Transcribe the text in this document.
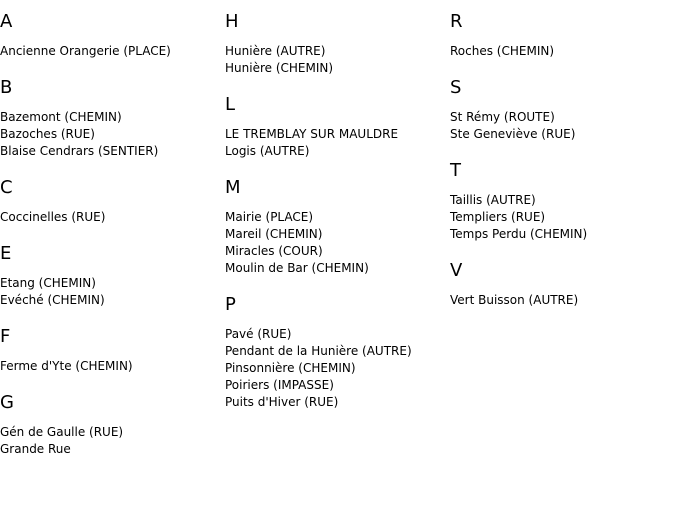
A
Ancienne Orangerie (PLACE)
B
Bazemont (CHEMIN)
Bazoches (RUE)
Blaise Cendrars (SENTIER)
C
Coccinelles (RUE)
E
Etang (CHEMIN)
Evéché (CHEMIN)
F
Ferme d'Yte (CHEMIN)
G
Gén de Gaulle (RUE)
Grande Rue
H
Hunière (AUTRE)
Hunière (CHEMIN)
L
LE TREMBLAY SUR MAULDRE
Logis (AUTRE)
M
Mairie (PLACE)
Mareil (CHEMIN)
Miracles (COUR)
Moulin de Bar (CHEMIN)
P
Pavé (RUE)
Pendant de la Hunière (AUTRE)
Pinsonnière (CHEMIN)
Poiriers (IMPASSE)
Puits d'Hiver (RUE)
R
Roches (CHEMIN)
S
St Rémy (ROUTE)
Ste Geneviève (RUE)
T
Taillis (AUTRE)
Templiers (RUE)
Temps Perdu (CHEMIN)
V
Vert Buisson (AUTRE)
